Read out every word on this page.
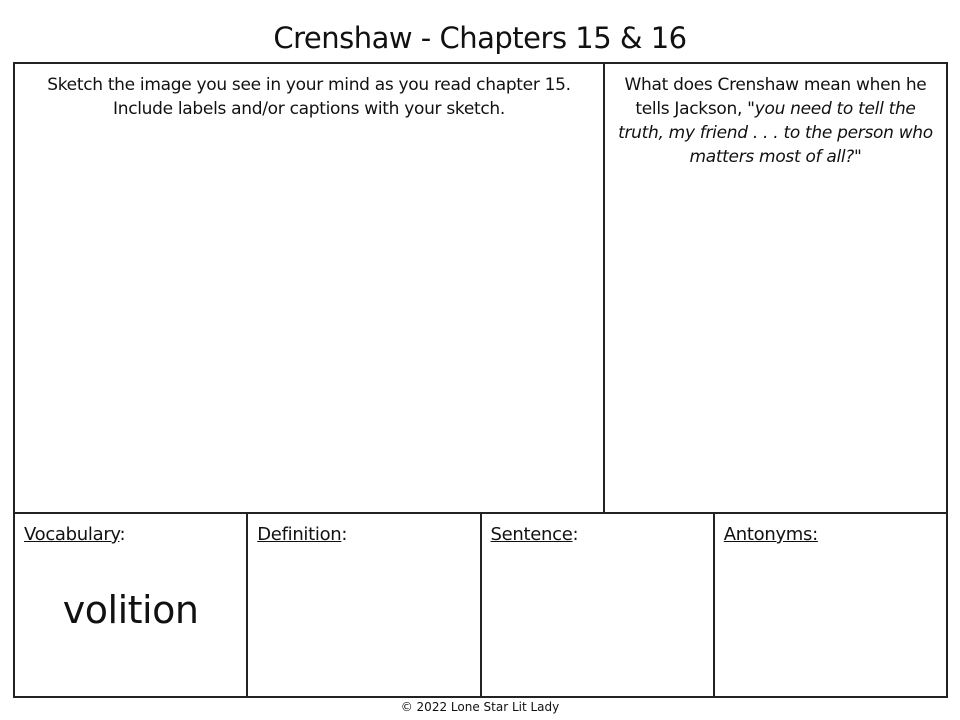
Crenshaw - Chapters 15 & 16
Sketch the image you see in your mind as you read chapter 15.
Include labels and/or captions with your sketch.
What does Crenshaw mean when he tells Jackson, "you need to tell the truth, my friend . . . to the person who matters most of all?"
Vocabulary:
volition
Definition:	Sentence:	Antonyms:
© 2022 Lone Star Lit Lady
